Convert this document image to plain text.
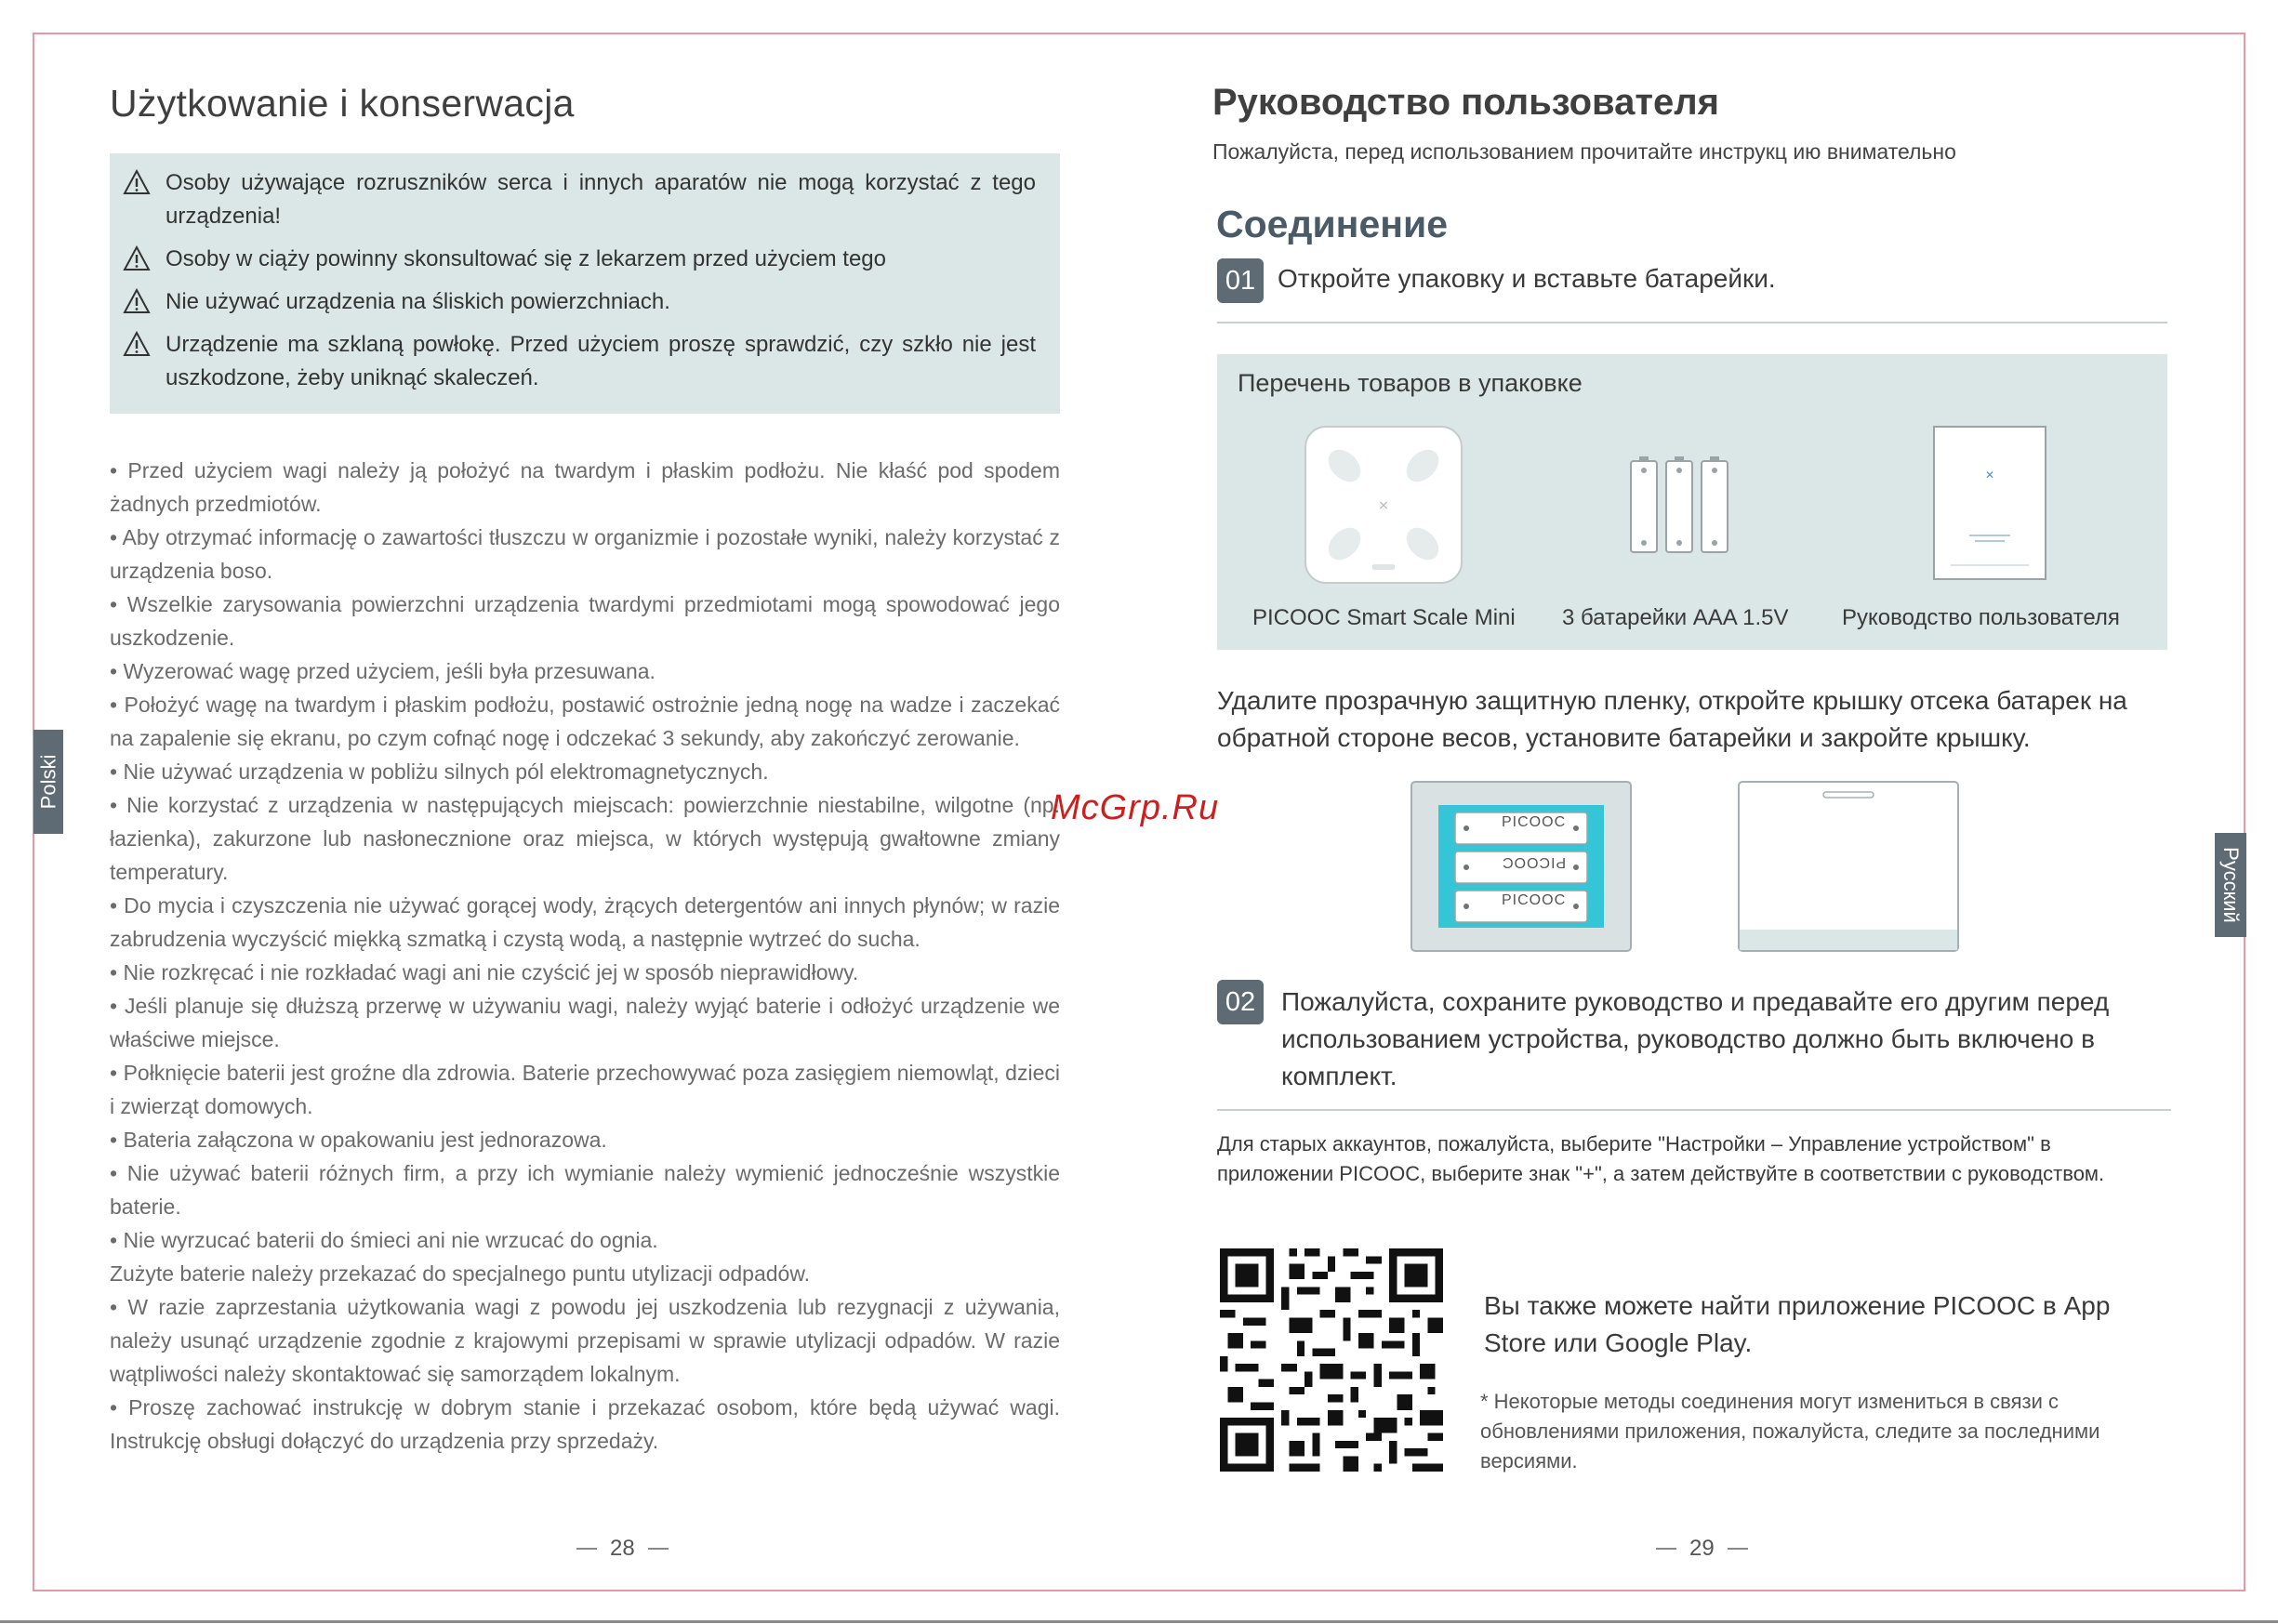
Użytkowanie i konserwacja
Osoby używające rozruszników serca i innych aparatów nie mogą korzystać z tego urządzenia!
Osoby w ciąży powinny skonsultować się z lekarzem przed użyciem tego
Nie używać urządzenia na śliskich powierzchniach.
Urządzenie ma szklaną powłokę. Przed użyciem proszę sprawdzić, czy szkło nie jest uszkodzone, żeby uniknąć skaleczeń.

• Przed użyciem wagi należy ją położyć na twardym i płaskim podłożu. Nie kłaść pod spodem żadnych przedmiotów.

• Aby otrzymać informację o zawartości tłuszczu w organizmie i pozostałe wyniki, należy korzystać z urządzenia boso.

• Wszelkie zarysowania powierzchni urządzenia twardymi przedmiotami mogą spowodować jego uszkodzenie.

• Wyzerować wagę przed użyciem, jeśli była przesuwana.

• Położyć wagę na twardym i płaskim podłożu, postawić ostrożnie jedną nogę na wadze i zaczekać na zapalenie się ekranu, po czym cofnąć nogę i odczekać 3 sekundy, aby zakończyć zerowanie.

• Nie używać urządzenia w pobliżu silnych pól elektromagnetycznych.

• Nie korzystać z urządzenia w następujących miejscach: powierzchnie niestabilne, wilgotne (np. łazienka), zakurzone lub nasłonecznione oraz miejsca, w których występują gwałtowne zmiany temperatury.

• Do mycia i czyszczenia nie używać gorącej wody, żrących detergentów ani innych płynów; w razie zabrudzenia wyczyścić miękką szmatką i czystą wodą, a następnie wytrzeć do sucha.

• Nie rozkręcać i nie rozkładać wagi ani nie czyścić jej w sposób nieprawidłowy.

• Jeśli planuje się dłuższą przerwę w używaniu wagi, należy wyjąć baterie i odłożyć urządzenie we właściwe miejsce.

• Połknięcie baterii jest groźne dla zdrowia. Baterie przechowywać poza zasięgiem niemowląt, dzieci i zwierząt domowych.

• Bateria załączona w opakowaniu jest jednorazowa.

• Nie używać baterii różnych firm, a przy ich wymianie należy wymienić jednocześnie wszystkie baterie.

• Nie wyrzucać baterii do śmieci ani nie wrzucać do ognia.

Zużyte baterie należy przekazać do specjalnego puntu utylizacji odpadów.

• W razie zaprzestania użytkowania wagi z powodu jej uszkodzenia lub rezygnacji z używania, należy usunąć urządzenie zgodnie z krajowymi przepisami w sprawie utylizacji odpadów. W razie wątpliwości należy skontaktować się samorządem lokalnym.

• Proszę zachować instrukcję w dobrym stanie i przekazać osobom, które będą używać wagi. Instrukcję obsługi dołączyć do urządzenia przy sprzedaży.

28
Polski	McGrp.Ru
Руководство пользователя
Пожалуйста, перед использованием прочитайте инструкц ию внимательно
Соединение
01 Откройте упаковку и вставьте батарейки.
Перечень товаров в упаковке
×
✕
PICOOC Smart Scale Mini 3 батарейки AAA 1.5V Руководство пользователя
Удалите прозрачную защитную пленку, откройте крышку отсека батарек на обратной стороне весов, установите батарейки и закройте крышку.
02 Пожалуйста, сохраните руководство и предавайте его другим перед использованием устройства, руководство должно быть включено в комплект.
Для старых аккаунтов, пожалуйста, выберите "Настройки – Управление устройством" в приложении PICOOC, выберите знак "+", а затем действуйте в соответствии с руководством.
Вы также можете найти приложение PICOOC в App Store или Google Play.
* Некоторые методы соединения могут измениться в связи с обновлениями приложения, пожалуйста, следите за последними версиями.
29
Русский
PICOOC
PICOOC
PICOOC
